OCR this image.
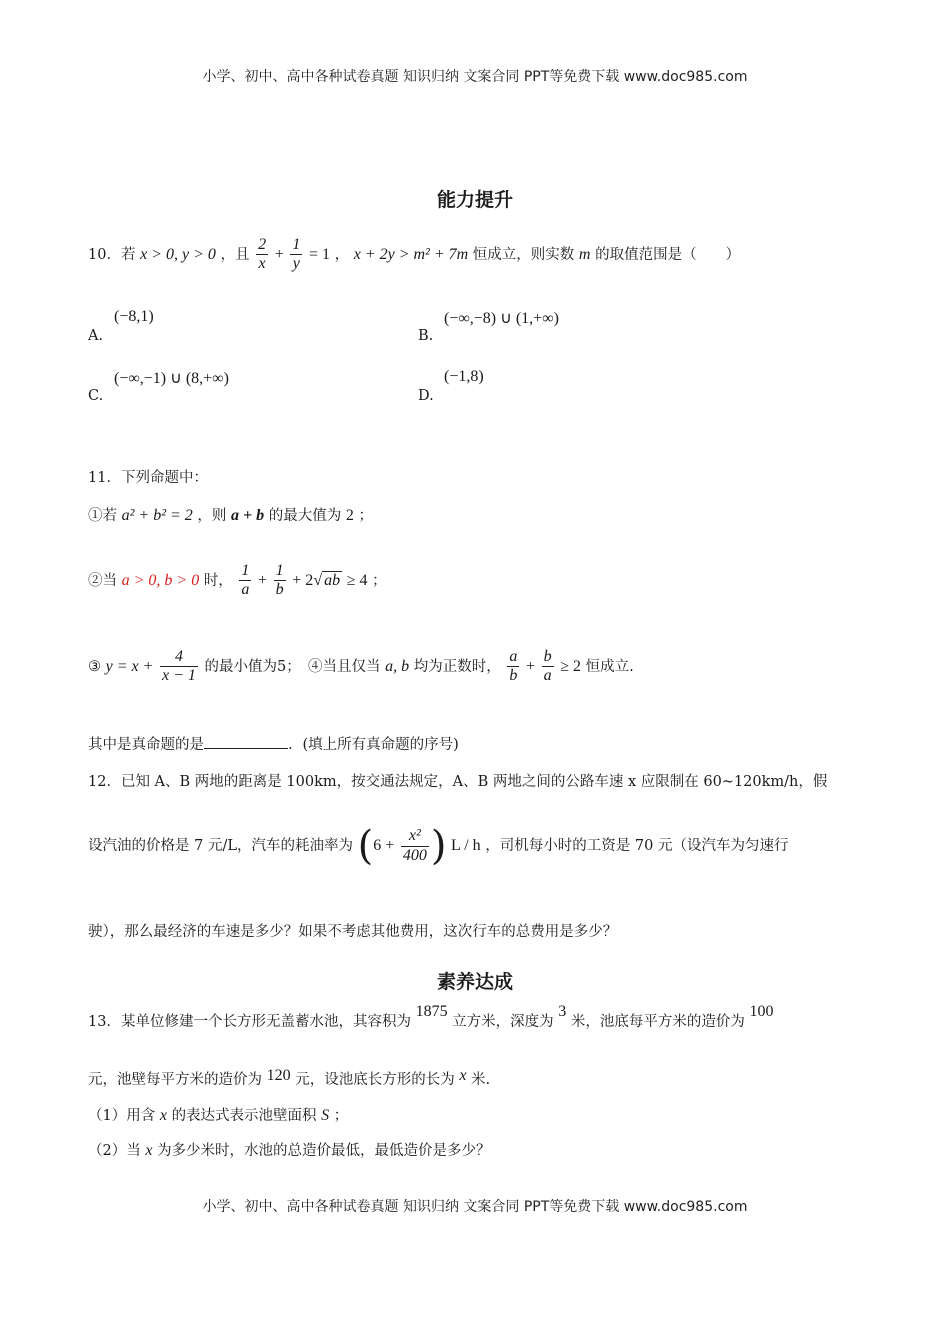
小学、初中、高中各种试卷真题 知识归纳 文案合同 PPT等免费下载 www.doc985.com
能力提升
10．若 x > 0, y > 0 ，且 $\frac{2}{x} + \frac{1}{y} = 1$ ， x + 2y > m² + 7m 恒成立，则实数 m 的取值范围是（　　）
A.
(−8,1)
B.
(−∞,−8) ∪ (1,+∞)
C.
(−∞,−1) ∪ (8,+∞)
D.
(−1,8)
11．下列命题中：
①若 a² + b² = 2 ，则 a + b 的最大值为 2 ；
②当 a > 0, b > 0 时， $\frac{1}{a} + \frac{1}{b} + 2√$ ab ≥ 4 ；
③ $y = x + \frac{4}{x - 1}$ 的最小值为5；　④当且仅当 a, b 均为正数时， $\frac{a}{b} + \frac{b}{a} \ge 2$ 恒成立.
其中是真命题的是	．(填上所有真命题的序号)
12．已知 A、B 两地的距离是 100km，按交通法规定，A、B 两地之间的公路车速 x 应限制在 60~120km/h，假
设汽油的价格是 7 元/L，汽车的耗油率为 ($6 + \frac{\text{x²}}{400}$ ) L / h ，司机每小时的工资是 70 元（设汽车为匀速行
驶），那么最经济的车速是多少？如果不考虑其他费用，这次行车的总费用是多少？
素养达成
13．某单位修建一个长方形无盖蓄水池，其容积为 1875 立方米，深度为 3 米，池底每平方米的造价为 100
元，池壁每平方米的造价为 120 元，设池底长方形的长为 x 米.
（1）用含 x 的表达式表示池壁面积 S ；
（2）当 x 为多少米时，水池的总造价最低，最低造价是多少？
小学、初中、高中各种试卷真题 知识归纳 文案合同 PPT等免费下载 www.doc985.com
